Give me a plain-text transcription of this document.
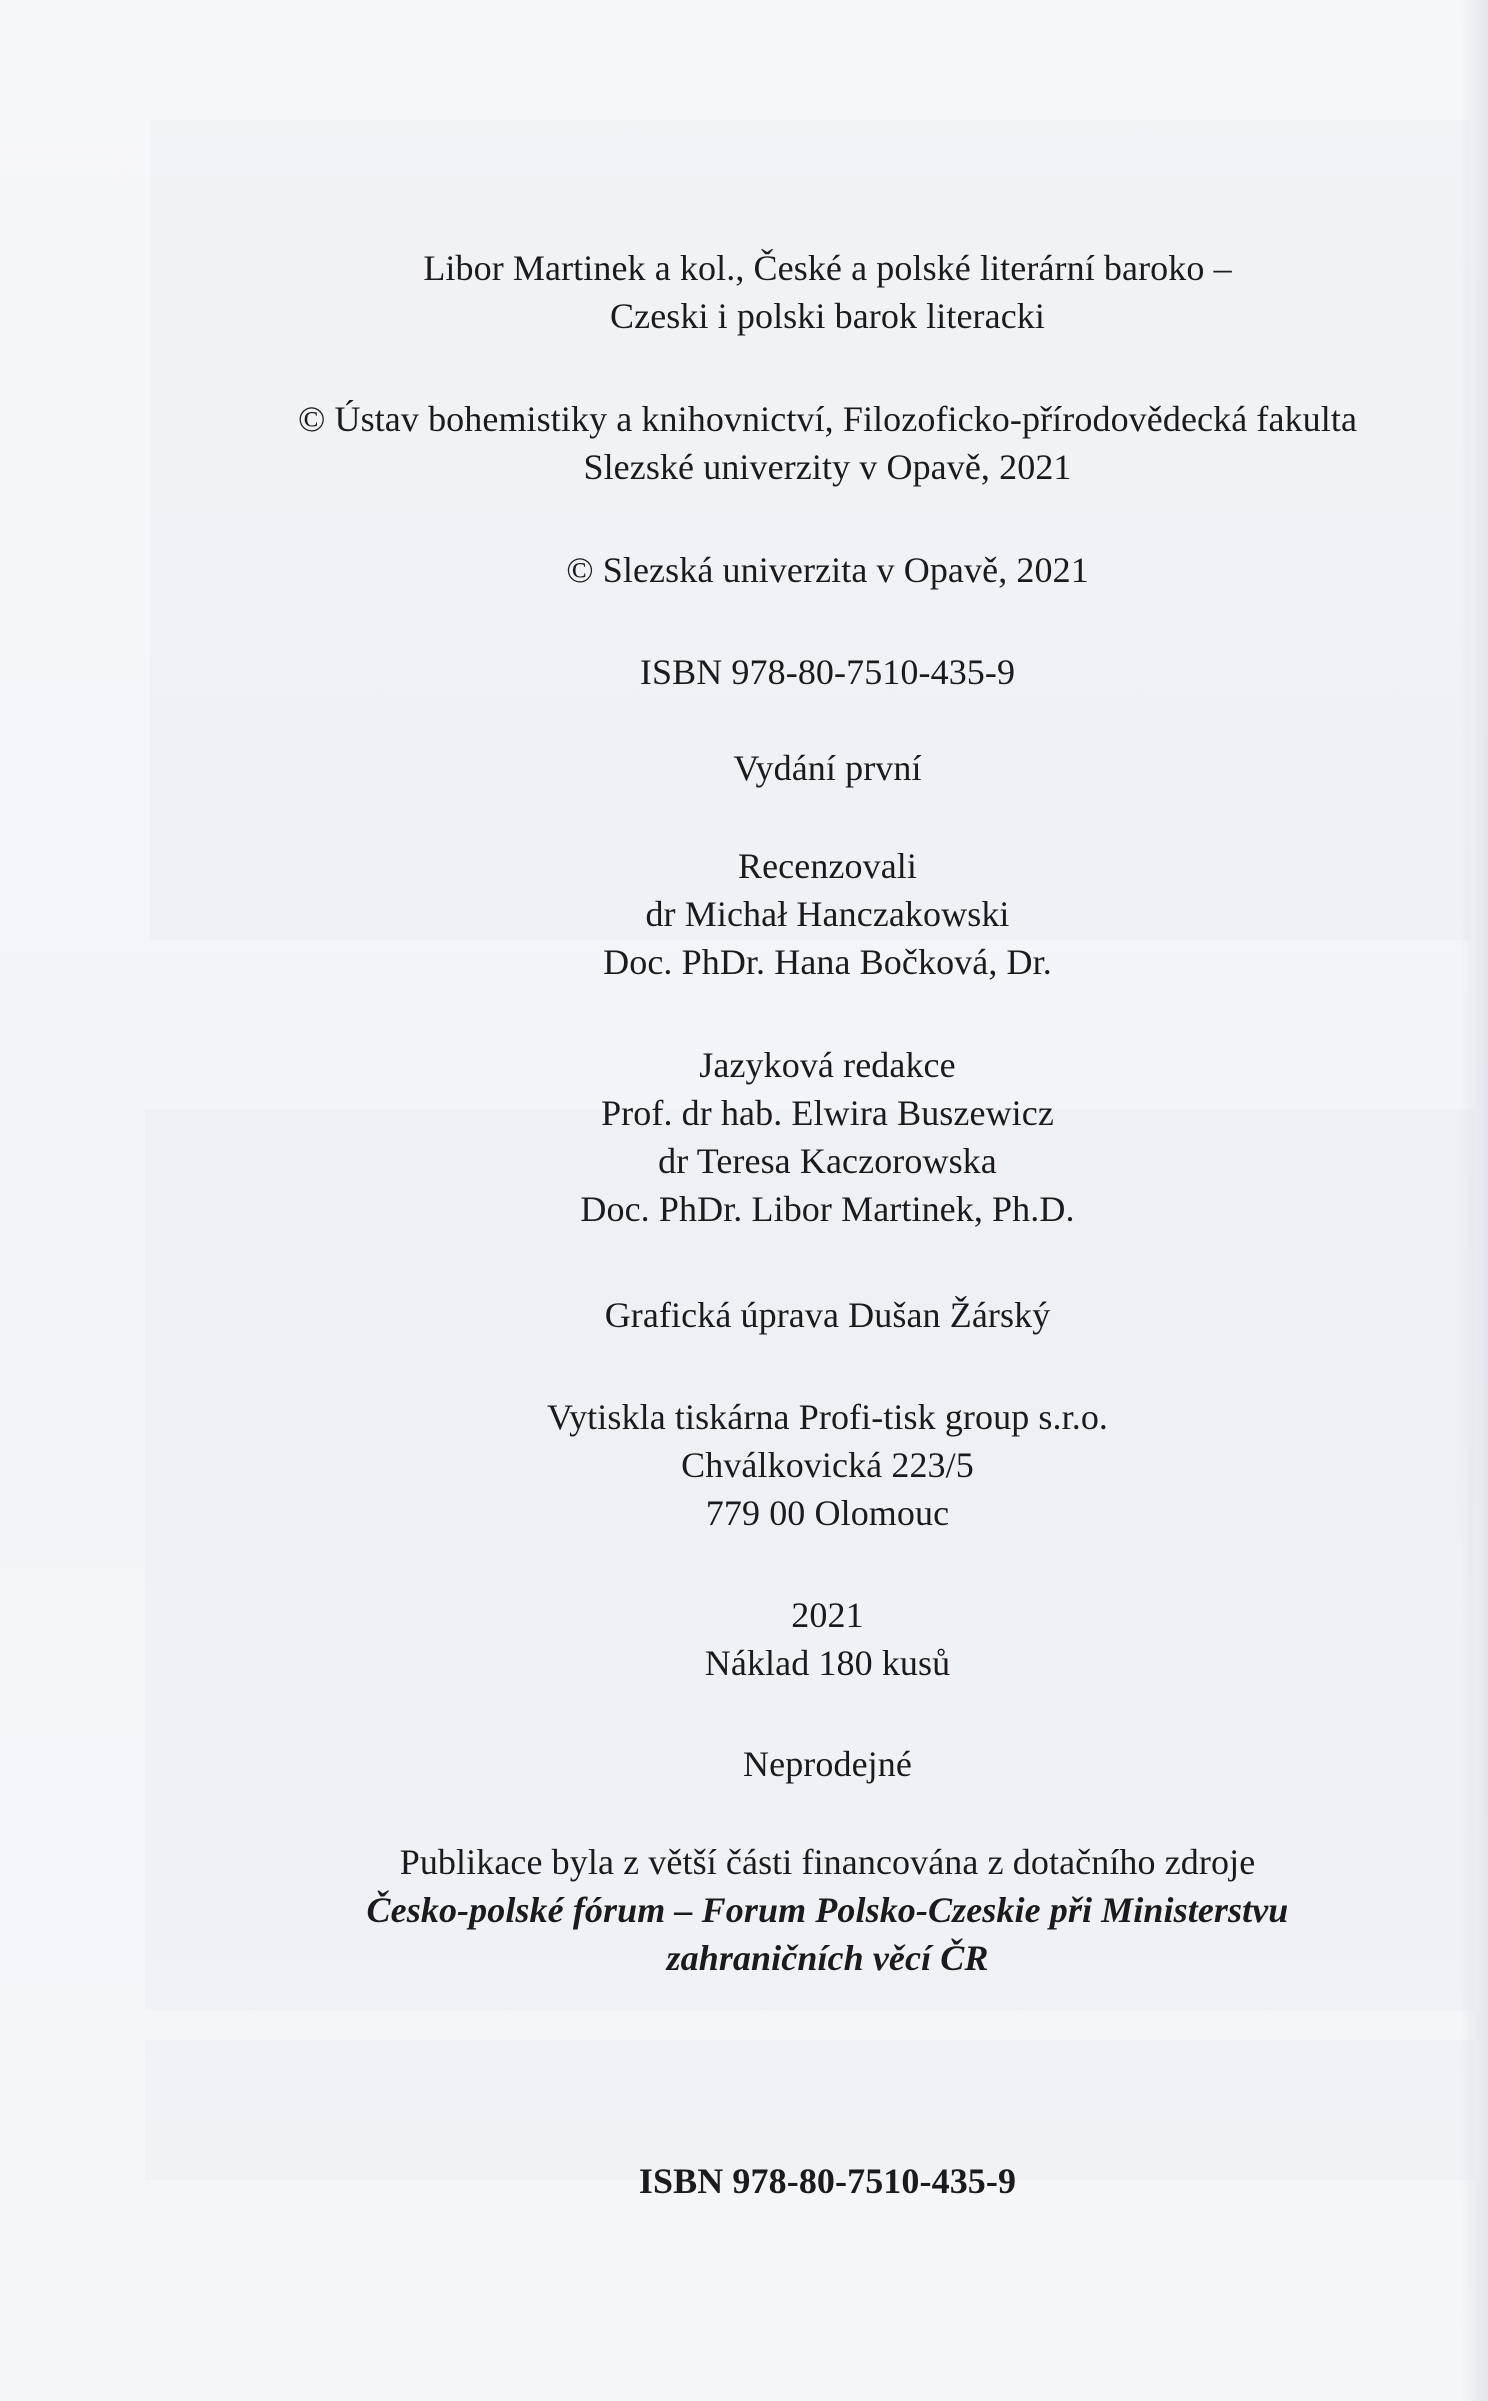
Libor Martinek a kol., České a polské literární baroko –
Czeski i polski barok literacki
© Ústav bohemistiky a knihovnictví, Filozoficko-přírodovědecká fakulta
Slezské univerzity v Opavě, 2021
© Slezská univerzita v Opavě, 2021
ISBN 978-80-7510-435-9
Vydání první
Recenzovali
dr Michał Hanczakowski
Doc. PhDr. Hana Bočková, Dr.
Jazyková redakce
Prof. dr hab. Elwira Buszewicz
dr Teresa Kaczorowska
Doc. PhDr. Libor Martinek, Ph.D.
Grafická úprava Dušan Žárský
Vytiskla tiskárna Profi-tisk group s.r.o.
Chválkovická 223/5
779 00 Olomouc
2021
Náklad 180 kusů
Neprodejné
Publikace byla z větší části financována z dotačního zdroje
Česko-polské fórum – Forum Polsko-Czeskie při Ministerstvu
zahraničních věcí ČR
ISBN 978-80-7510-435-9
